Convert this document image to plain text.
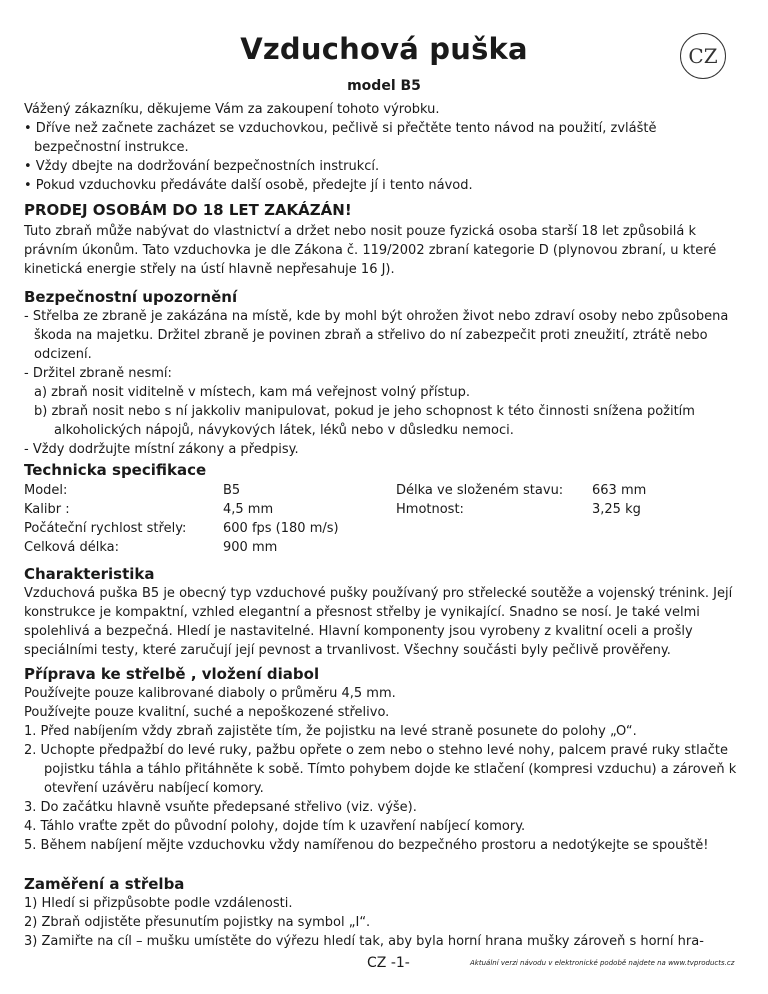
Vzduchová puška	CZ
model B5

Vážený zákazníku, děkujeme Vám za zakoupení tohoto výrobku.

• Dříve než začnete zacházet se vzduchovkou, pečlivě si přečtěte tento návod na použití, zvláště bezpečnostní instrukce.

• Vždy dbejte na dodržování bezpečnostních instrukcí.

• Pokud vzduchovku předáváte další osobě, předejte jí i tento návod.

PRODEJ OSOBÁM DO 18 LET ZAKÁZÁN!

Tuto zbraň může nabývat do vlastnictví a držet nebo nosit pouze fyzická osoba starší 18 let způsobilá k právním úkonům. Tato vzduchovka je dle Zákona č. 119/2002 zbraní kategorie D (plynovou zbraní, u které kinetická energie střely na ústí hlavně nepřesahuje 16 J).

Bezpečnostní upozornění

- Střelba ze zbraně je zakázána na místě, kde by mohl být ohrožen život nebo zdraví osoby nebo způsobena škoda na majetku. Držitel zbraně je povinen zbraň a střelivo do ní zabezpečit proti zneužití, ztrátě nebo odcizení.

- Držitel zbraně nesmí:

a) zbraň nosit viditelně v místech, kam má veřejnost volný přístup.

b) zbraň nosit nebo s ní jakkoliv manipulovat, pokud je jeho schopnost k této činnosti snížena požitím alkoholických nápojů, návykových látek, léků nebo v důsledku nemoci.

- Vždy dodržujte místní zákony a předpisy.

Technicka specifikace

Model:
Kalibr :
Počáteční rychlost střely:
Celková délka:
B5
4,5 mm
600 fps (180 m/s)
900 mm
Délka ve složeném stavu:
Hmotnost:
663 mm
3,25 kg

Charakteristika

Vzduchová puška B5 je obecný typ vzduchové pušky používaný pro střelecké soutěže a vojenský trénink. Její konstrukce je kompaktní, vzhled elegantní a přesnost střelby je vynikající. Snadno se nosí. Je také velmi spolehlivá a bezpečná. Hledí je nastavitelné. Hlavní komponenty jsou vyrobeny z kvalitní oceli a prošly speciálními testy, které zaručují její pevnost a trvanlivost. Všechny součásti byly pečlivě prověřeny.

Příprava ke střelbě , vložení diabol

Používejte pouze kalibrované diaboly o průměru 4,5 mm.

Používejte pouze kvalitní, suché a nepoškozené střelivo.

1. Před nabíjením vždy zbraň zajistěte tím, že pojistku na levé straně posunete do polohy „O“.

2. Uchopte předpažbí do levé ruky, pažbu opřete o zem nebo o stehno levé nohy, palcem pravé ruky stlačte pojistku táhla a táhlo přitáhněte k sobě. Tímto pohybem dojde ke stlačení (kompresi vzduchu) a zároveň k otevření uzávěru nabíjecí komory.

3. Do začátku hlavně vsuňte předepsané střelivo (viz. výše).

4. Táhlo vraťte zpět do původní polohy, dojde tím k uzavření nabíjecí komory.

5. Během nabíjení mějte vzduchovku vždy namířenou do bezpečného prostoru a nedotýkejte se spouště!

Zaměření a střelba

1) Hledí si přizpůsobte podle vzdálenosti.

2) Zbraň odjistěte přesunutím pojistky na symbol „I“.

3) Zamiřte na cíl – mušku umístěte do výřezu hledí tak, aby byla horní hrana mušky zároveň s horní hra-

CZ -1-	Aktuální verzi návodu v elektronické podobě najdete na www.tvproducts.cz
